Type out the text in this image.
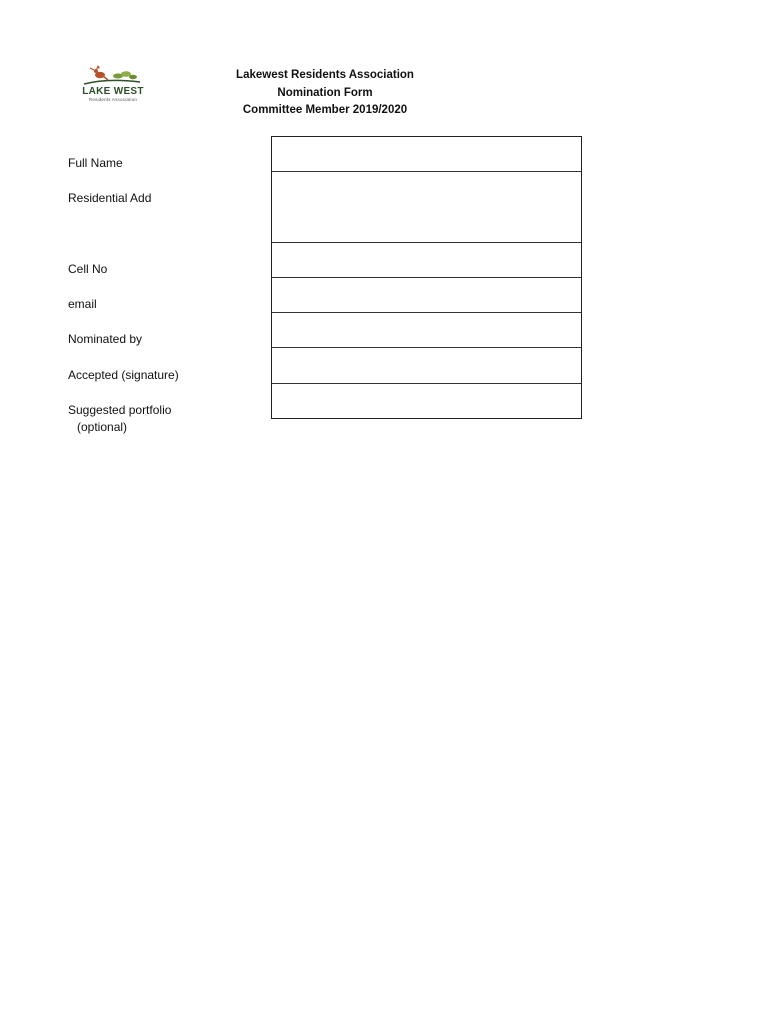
LAKE WEST
Residents Association
Lakewest Residents Association
Nomination Form
Committee Member 2019/2020
Full Name
Residential Add
Cell No
email
Nominated by
Accepted (signature)
Suggested portfolio
(optional)
